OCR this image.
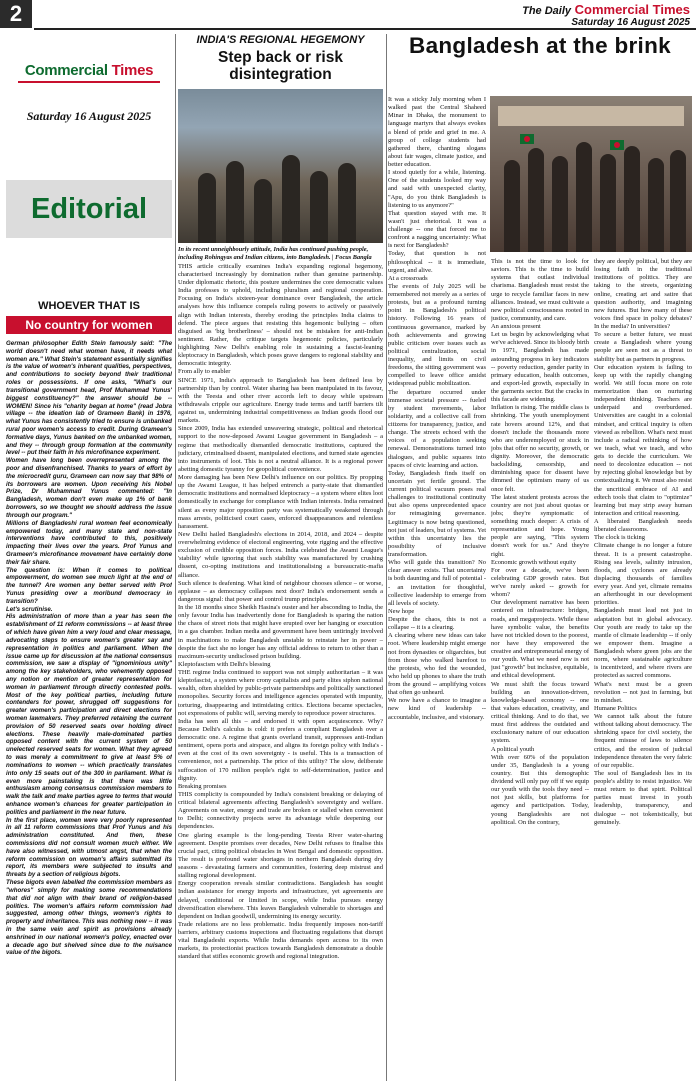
2	The Daily Commercial Times
Saturday 16 August 2025
Commercial Times
Saturday 16 August 2025
Editorial
WHOEVER THAT IS
No country for women
German philosopher Edith Stein famously said: "The world doesn't need what women have, it needs what women are." What Stein's statement essentially signifies is the value of women's inherent qualities, perspectives, and contributions to society beyond their traditional roles or possessions. If one asks, "What's our transitional government head, Prof Muhammad Yunus' biggest constituency?" the answer should be -- WOMEN! Since his "charity began at home" (read Jobra village -- the ideation lab of Grameen Bank) in 1976, what Yunus has consistently tried to ensure is unbanked rural poor women's access to credit. During Grameen's formative days, Yunus banked on the unbanked women, and they -- through group formation at the community level -- put their faith in his microfinance experiment.
Women have long been overrepresented among the poor and disenfranchised. Thanks to years of effort by the microcredit guru, Grameen can now say that 98% of its borrowers are women. Upon receiving his Nobel Prize, Dr Muhammad Yunus commented: "In Bangladesh, women don't even make up 1% of bank borrowers, so we thought we should address the issue through our program."
Millions of Bangladeshi rural women feel economically empowered today, and many state and non-state interventions have contributed to this, positively impacting their lives over the years. Prof Yunus and Grameen's microfinance movement have certainly done their fair share.
The question is: When it comes to political empowerment, do women see much light at the end of the tunnel? Are women any better served with Prof Yunus presiding over a moribund democracy in transition?
Let's scrutinise.
His administration of more than a year has seen the establishment of 11 reform commissions -- at least three of which have given him a very loud and clear message, advocating steps to ensure women's greater say and representation in politics and parliament. When the issue came up for discussion at the national consensus commission, we saw a display of "ignominious unity" among the key stakeholders, who vehemently opposed any notion or mention of greater representation for women in parliament through directly contested polls. Most of the key political parties, including future contenders for power, shrugged off suggestions for greater women's participation and direct elections for women lawmakers. They preferred retaining the current provision of 50 reserved seats over holding direct elections. These heavily male-dominated parties opposed content with the current system of 50 unelected reserved seats for women. What they agreed to was merely a commitment to give at least 5% of nominations to women -- which practically translates into only 15 seats out of the 300 in parliament. What is even more painstaking is that there was little enthusiasm among consensus commission members to walk the talk and make parties agree to terms that would enhance women's chances for greater participation in politics and parliament in the near future.
In the first place, women were very poorly represented in all 11 reform commissions that Prof Yunus and his administration constituted. And then, these commissions did not consult women much either. We have also witnessed, with utmost angst, that when the reform commission on women's affairs submitted its report, its members were subjected to insults and threats by a section of religious bigots.
These bigots even labelled the commission members as "whores" simply for making some recommendations that did not align with their brand of religion-based politics. The women's affairs reform commission had suggested, among other things, women's rights to property and inheritance. This was nothing new -- it was in the same vein and spirit as provisions already enshrined in our national women's policy, enacted over a decade ago but shelved since due to the nuisance value of the bigots.
INDIA'S REGIONAL HEGEMONY
Step back or risk disintegration
In its recent unneighbourly attitude, India has continued pushing people, including Rohingyas and Indian citizens, into Bangladesh. | Focus Bangla
THIS article critically examines India's expanding regional hegemony, characterised increasingly by domination rather than genuine partnership. Under diplomatic rhetoric, this posture undermines the core democratic values India professes to uphold, including pluralism and regional cooperation. Focusing on India's sixteen-year dominance over Bangladesh, the article analyses how this influence compels ruling powers to actively or passively align with Indian interests, thereby eroding the principles India claims to defend. The piece argues that resisting this hegemonic bullying – often disguised as 'big brotherliness' – should not be mistaken for anti-Indian sentiment. Rather, the critique targets hegemonic policies, particularly highlighting New Delhi's enabling role in sustaining a fascist-leaning kleptocracy in Bangladesh, which poses grave dangers to regional stability and democratic integrity.
From ally to enabler
SINCE 1971, India's approach to Bangladesh has been defined less by partnership than by control. Water sharing has been manipulated in its favour, with the Teesta and other river accords left to decay while upstream withdrawals cripple our agriculture. Energy trade terms and tariff barriers tilt against us, undermining industrial competitiveness as Indian goods flood our markets.
Since 2009, India has extended unwavering strategic, political and rhetorical support to the now-deposed Awami League government in Bangladesh – a regime that methodically dismantled democratic institutions, captured the judiciary, criminalised dissent, manipulated elections, and turned state agencies into instruments of loot. This is not a neutral alliance. It is a regional power abetting domestic tyranny for geopolitical convenience.
More damaging has been New Delhi's influence on our politics. By propping up the Awami League, it has helped entrench a party-state that dismantled democratic institutions and normalised kleptocracy – a system where elites loot domestically in exchange for compliance with Indian interests. India remained silent as every major opposition party was systematically weakened through mass arrests, politicised court cases, enforced disappearances and relentless harassment.
New Delhi hailed Bangladesh's elections in 2014, 2018, and 2024 – despite overwhelming evidence of electoral engineering, vote rigging and the effective exclusion of credible opposition forces. India celebrated the Awami League's 'stability' while ignoring that such stability was manufactured by crushing dissent, co-opting institutions and institutionalising a bureaucratic-mafia alliance.
Such silence is deafening. What kind of neighbour chooses silence – or worse, applause – as democracy collapses next door? India's endorsement sends a dangerous signal: that power and control trump principles.
In the 18 months since Sheikh Hasina's ouster and her absconding to India, the only favour India has inadvertently done for Bangladesh is sparing the nation the chaos of street riots that might have erupted over her hanging or execution in a gas chamber. Indian media and government have been untiringly involved in machinations to make Bangladesh unstable to reinstate her in power – despite the fact she no longer has any official address to return to other than a maximum-security undisclosed prison building.
Kleptofascism with Delhi's blessing
THE regime India continued to support was not simply authoritarian – it was kleptofascist, a system where crony capitalists and party elites siphon national wealth, often shielded by public-private partnerships and politically sanctioned monopolies. Security forces and intelligence agencies operated with impunity, torturing, disappearing and intimidating critics. Elections became spectacles, not expressions of public will, serving merely to reproduce power structures.
India has seen all this – and endorsed it with open acquiescence. Why? Because Delhi's calculus is cold: it prefers a compliant Bangladesh over a democratic one. A regime that grants overland transit, suppresses anti-Indian sentiment, opens ports and airspace, and aligns its foreign policy with India's - even at the cost of its own sovereignty - is useful. This is a transaction of convenience, not a partnership. The price of this utility? The slow, deliberate suffocation of 170 million people's right to self-determination, justice and dignity.
Breaking promises
THIS complicity is compounded by India's consistent breaking or delaying of critical bilateral agreements affecting Bangladesh's sovereignty and welfare. Agreements on water, energy and trade are broken or stalled when convenient to Delhi; connectivity projects serve its advantage while deepening our dependencies.
One glaring example is the long-pending Teesta River water-sharing agreement. Despite promises over decades, New Delhi refuses to finalise this crucial pact, citing political obstacles in West Bengal and domestic opposition. The result is profound water shortages in northern Bangladesh during dry seasons - devastating farmers and communities, fostering deep mistrust and stalling regional development.
Energy cooperation reveals similar contradictions. Bangladesh has sought Indian assistance for energy imports and infrastructure, yet agreements are delayed, conditional or limited in scope, while India pursues energy diversification elsewhere. This leaves Bangladesh vulnerable to shortages and dependent on Indian goodwill, undermining its energy security.
Trade relations are no less problematic. India frequently imposes non-tariff barriers, arbitrary customs inspections and fluctuating regulations that disrupt vital Bangladeshi exports. While India demands open access to its own markets, its protectionist practices towards Bangladesh demonstrate a double standard that stifles economic growth and regional integration.
Bangladesh at the brink
It was a sticky July morning when I walked past the Central Shaheed Minar in Dhaka, the monument to language martyrs that always evokes a blend of pride and grief in me. A group of college students had gathered there, chanting slogans about fair wages, climate justice, and better education.
I stood quietly for a while, listening. One of the students looked my way and said with unexpected clarity, "Apu, do you think Bangladesh is listening to us anymore?"
That question stayed with me. It wasn't just rhetorical. It was a challenge -- one that forced me to confront a nagging uncertainty: What is next for Bangladesh?
Today, that question is not philosophical -- it is immediate, urgent, and alive.
At a crossroads
The events of July 2025 will be remembered not merely as a series of protests, but as a profound turning point in Bangladesh's political history. Following 16 years of continuous governance, marked by both achievements and growing public criticism over issues such as political centralization, social inequality, and limits on civil freedoms, the sitting government was compelled to leave office amidst widespread public mobilization.
The departure occurred under immense societal pressure -- fueled by student movements, labor solidarity, and a collective call from citizens for transparency, justice, and change. The streets echoed with the voices of a population seeking renewal. Demonstrations turned into dialogues, and public squares into spaces of civic learning and action.
Today, Bangladesh finds itself on uncertain yet fertile ground. The current political vacuum poses real challenges to institutional continuity but also opens unprecedented space for reimagining governance. Legitimacy is now being questioned, not just of leaders, but of systems. Yet within this uncertainty lies the possibility of inclusive transformation.
Who will guide this transition? No clear answer exists. That uncertainty is both daunting and full of potential -- an invitation for thoughtful, collective leadership to emerge from all levels of society.
New hope
Despite the chaos, this is not a collapse -- it is a clearing.
A clearing where new ideas can take root. Where leadership might emerge not from dynasties or oligarchies, but from those who walked barefoot to the protests, who fed the wounded, who held up phones to share the truth from the ground -- amplifying voices that often go unheard.
We now have a chance to imagine a new kind of leadership -- accountable, inclusive, and visionary.
This is not the time to look for saviors. This is the time to build systems that outlast individual charisma. Bangladesh must resist the urge to recycle familiar faces in new alliances. Instead, we must cultivate a new political consciousness rooted in justice, community, and care.
An anxious present
Let us begin by acknowledging what we've achieved. Since its bloody birth in 1971, Bangladesh has made astounding progress in key indicators -- poverty reduction, gender parity in primary education, health outcomes, and export-led growth, especially in the garments sector. But the cracks in this facade are widening.
Inflation is rising. The middle class is shrinking. The youth unemployment rate hovers around 12%, and that doesn't include the thousands more who are underemployed or stuck in jobs that offer no security, growth, or dignity. Moreover, the democratic backsliding, censorship, and diminishing space for dissent have dimmed the optimism many of us once felt.
The latest student protests across the country are not just about quotas or jobs; they're symptomatic of something much deeper: A crisis of representation and hope. Young people are saying, "This system doesn't work for us." And they're right.
Economic growth without equity
For over a decade, we've been celebrating GDP growth rates. But we've rarely asked -- growth for whom?
Our development narrative has been centered on infrastructure: bridges, roads, and megaprojects. While these have symbolic value, the benefits have not trickled down to the poorest, nor have they empowered the creative and entrepreneurial energy of our youth. What we need now is not just "growth" but inclusive, equitable, and ethical development.
We must shift the focus toward building an innovation-driven, knowledge-based economy -- one that values education, creativity, and critical thinking. And to do that, we must first address the outdated and exclusionary nature of our education system.
A political youth
With over 60% of the population under 35, Bangladesh is a young country. But this demographic dividend will only pay off if we equip our youth with the tools they need -- not just skills, but platforms for agency and participation. Today, young Bangladeshis are not apolitical. On the contrary,
they are deeply political, but they are losing faith in the traditional institutions of politics. They are taking to the streets, organizing online, creating art and satire that question authority, and imagining new futures. But how many of these voices find space in policy debates? In the media? In universities?
To secure a better future, we must create a Bangladesh where young people are seen not as a threat to stability but as partners in progress.
Our education system is failing to keep up with the rapidly changing world. We still focus more on rote memorization than on nurturing independent thinking. Teachers are underpaid and overburdened. Universities are caught in a colonial mindset, and critical inquiry is often viewed as rebellion. What's next must include a radical rethinking of how we teach, what we teach, and who gets to decide the curriculum. We need to decolonize education -- not by rejecting global knowledge but by contextualizing it. We must also resist the uncritical embrace of AI and edtech tools that claim to "optimize" learning but may strip away human interaction and critical reasoning.
A liberated Bangladesh needs liberated classrooms.
The clock is ticking
Climate change is no longer a future threat. It is a present catastrophe. Rising sea levels, salinity intrusion, floods, and cyclones are already displacing thousands of families every year. And yet, climate remains an afterthought in our development priorities.
Bangladesh must lead not just in adaptation but in global advocacy. Our youth are ready to take up the mantle of climate leadership -- if only we empower them. Imagine a Bangladesh where green jobs are the norm, where sustainable agriculture is incentivized, and where rivers are protected as sacred commons.
What's next must be a green revolution -- not just in farming, but in mindset.
Humane Politics
We cannot talk about the future without talking about democracy. The shrinking space for civil society, the frequent misuse of laws to silence critics, and the erosion of judicial independence threaten the very fabric of our republic.
The soul of Bangladesh lies in its people's ability to resist injustice. We must return to that spirit. Political parties must invest in youth leadership, transparency, and dialogue -- not tokenistically, but genuinely.
